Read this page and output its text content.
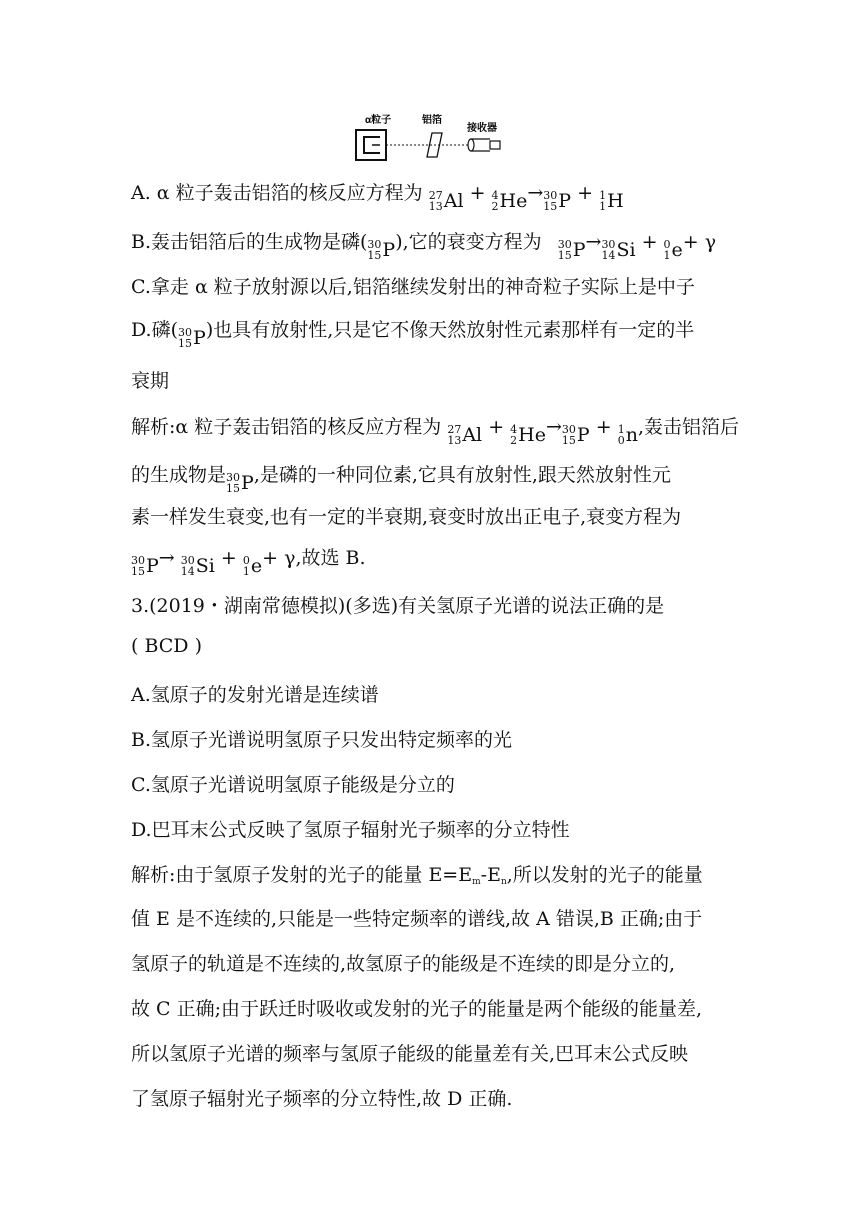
α粒子	铝箔
接收器
A. α 粒子轰击铝箔的核反应方程为 27
13 Al + 4
2 He → 30
15 P + 1
1 H
B.轰击铝箔后的生成物是磷( 30
15 P ),它的衰变方程为 30
15 P → 30
14 Si + 0
1 e + γ
C.拿走 α 粒子放射源以后,铝箔继续发射出的神奇粒子实际上是中子
D.磷( 30
15 P )也具有放射性,只是它不像天然放射性元素那样有一定的半
衰期
解析:α 粒子轰击铝箔的核反应方程为 27
13 Al + 4
2 He → 30
15 P + 1
0 n ,轰击铝箔后
的生成物是 30
15 P ,是磷的一种同位素,它具有放射性,跟天然放射性元
素一样发生衰变,也有一定的半衰期,衰变时放出正电子,衰变方程为
30
15 P → 30
14 Si + 0
1 e + γ,故选 B.
3.(2019・湖南常德模拟)(多选)有关氢原子光谱的说法正确的是
( BCD )
A.氢原子的发射光谱是连续谱
B.氢原子光谱说明氢原子只发出特定频率的光
C.氢原子光谱说明氢原子能级是分立的
D.巴耳末公式反映了氢原子辐射光子频率的分立特性
解析:由于氢原子发射的光子的能量 E=Em-En,所以发射的光子的能量
值 E 是不连续的,只能是一些特定频率的谱线,故 A 错误,B 正确;由于
氢原子的轨道是不连续的,故氢原子的能级是不连续的即是分立的,
故 C 正确;由于跃迁时吸收或发射的光子的能量是两个能级的能量差,
所以氢原子光谱的频率与氢原子能级的能量差有关,巴耳末公式反映
了氢原子辐射光子频率的分立特性,故 D 正确.
